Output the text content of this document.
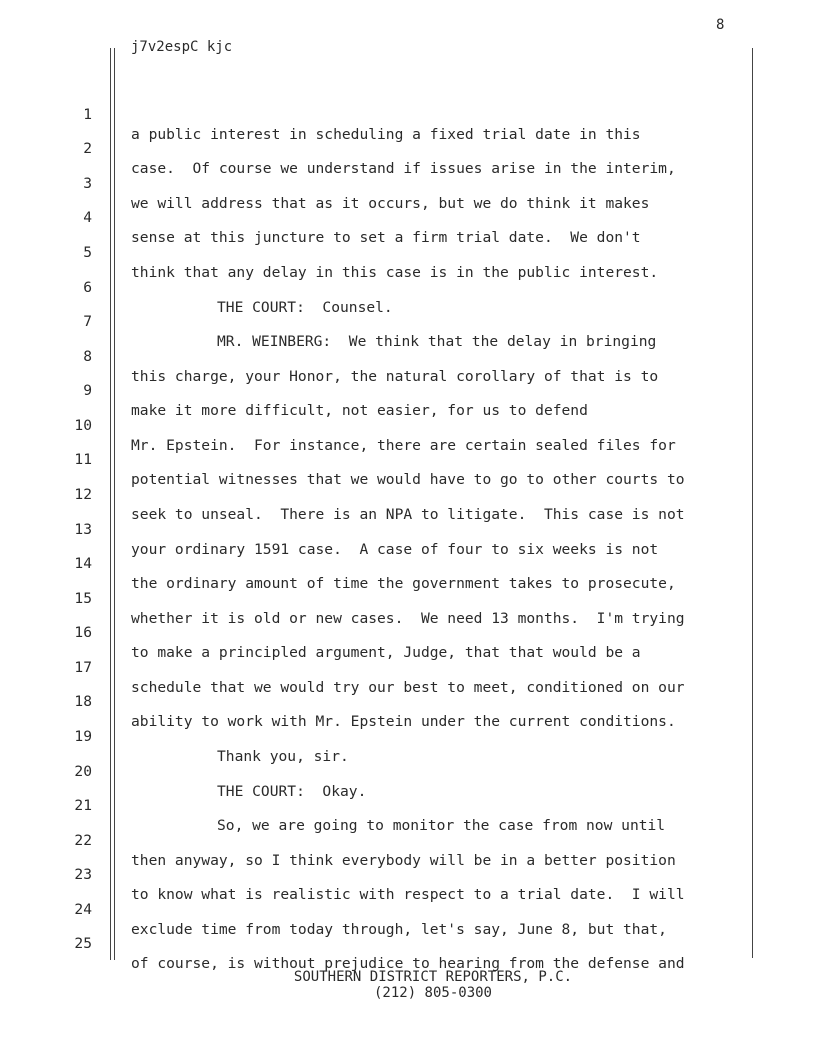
8
j7v2espC kjc

1

a public interest in scheduling a fixed trial date in this

2

case.  Of course we understand if issues arise in the interim,

3

we will address that as it occurs, but we do think it makes

4

sense at this juncture to set a firm trial date.  We don't

5

think that any delay in this case is in the public interest.

6

THE COURT:  Counsel.

7

MR. WEINBERG:  We think that the delay in bringing

8

this charge, your Honor, the natural corollary of that is to

9

make it more difficult, not easier, for us to defend

10

Mr. Epstein.  For instance, there are certain sealed files for

11

potential witnesses that we would have to go to other courts to

12

seek to unseal.  There is an NPA to litigate.  This case is not

13

your ordinary 1591 case.  A case of four to six weeks is not

14

the ordinary amount of time the government takes to prosecute,

15

whether it is old or new cases.  We need 13 months.  I'm trying

16

to make a principled argument, Judge, that that would be a

17

schedule that we would try our best to meet, conditioned on our

18

ability to work with Mr. Epstein under the current conditions.

19

Thank you, sir.

20

THE COURT:  Okay.

21

So, we are going to monitor the case from now until

22

then anyway, so I think everybody will be in a better position

23

to know what is realistic with respect to a trial date.  I will

24

exclude time from today through, let's say, June 8, but that,

25

of course, is without prejudice to hearing from the defense and

SOUTHERN DISTRICT REPORTERS, P.C.
(212) 805-0300
